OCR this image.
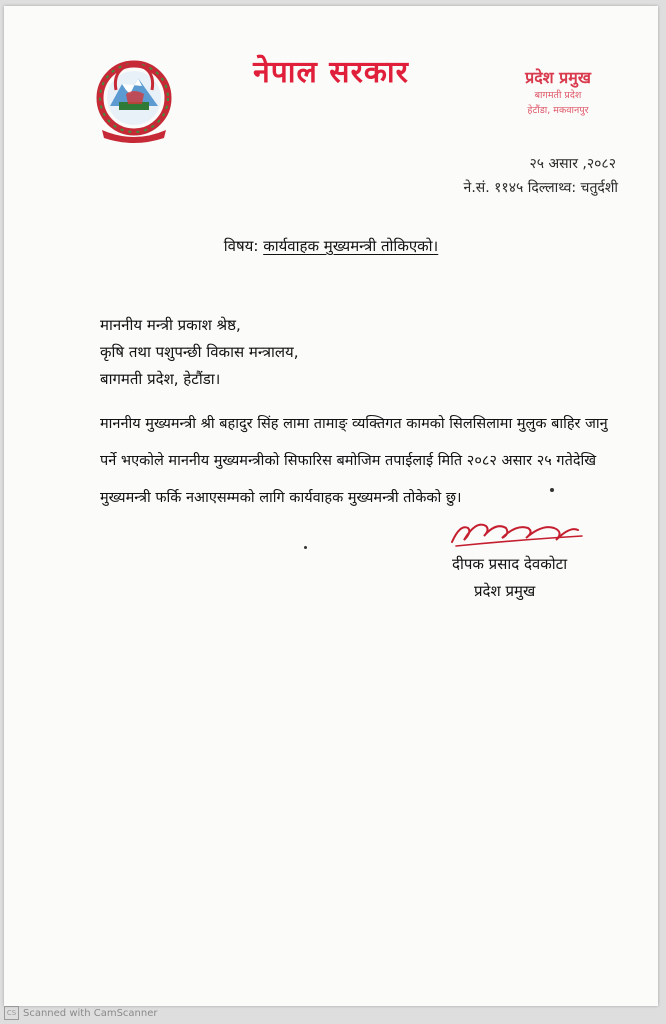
नेपाल सरकार	प्रदेश प्रमुख
बागमती प्रदेश
हेटौंडा, मकवानपुर
२५ असार ,२०८२
ने.सं. ११४५ दिल्लाथ्व: चतुर्दशी
विषय: कार्यवाहक मुख्यमन्त्री तोकिएको।
माननीय मन्त्री प्रकाश श्रेष्ठ,
कृषि तथा पशुपन्छी विकास मन्त्रालय,
बागमती प्रदेश, हेटौंडा।
माननीय मुख्यमन्त्री श्री बहादुर सिंह लामा तामाङ् व्यक्तिगत कामको सिलसिलामा मुलुक बाहिर जानु पर्ने भएकोले माननीय मुख्यमन्त्रीको सिफारिस बमोजिम तपाईलाई मिति २०८२ असार २५ गतेदेखि मुख्यमन्त्री फर्कि नआएसम्मको लागि कार्यवाहक मुख्यमन्त्री तोकेको छु।
दीपक प्रसाद देवकोटा
प्रदेश प्रमुख
CS Scanned with CamScanner
